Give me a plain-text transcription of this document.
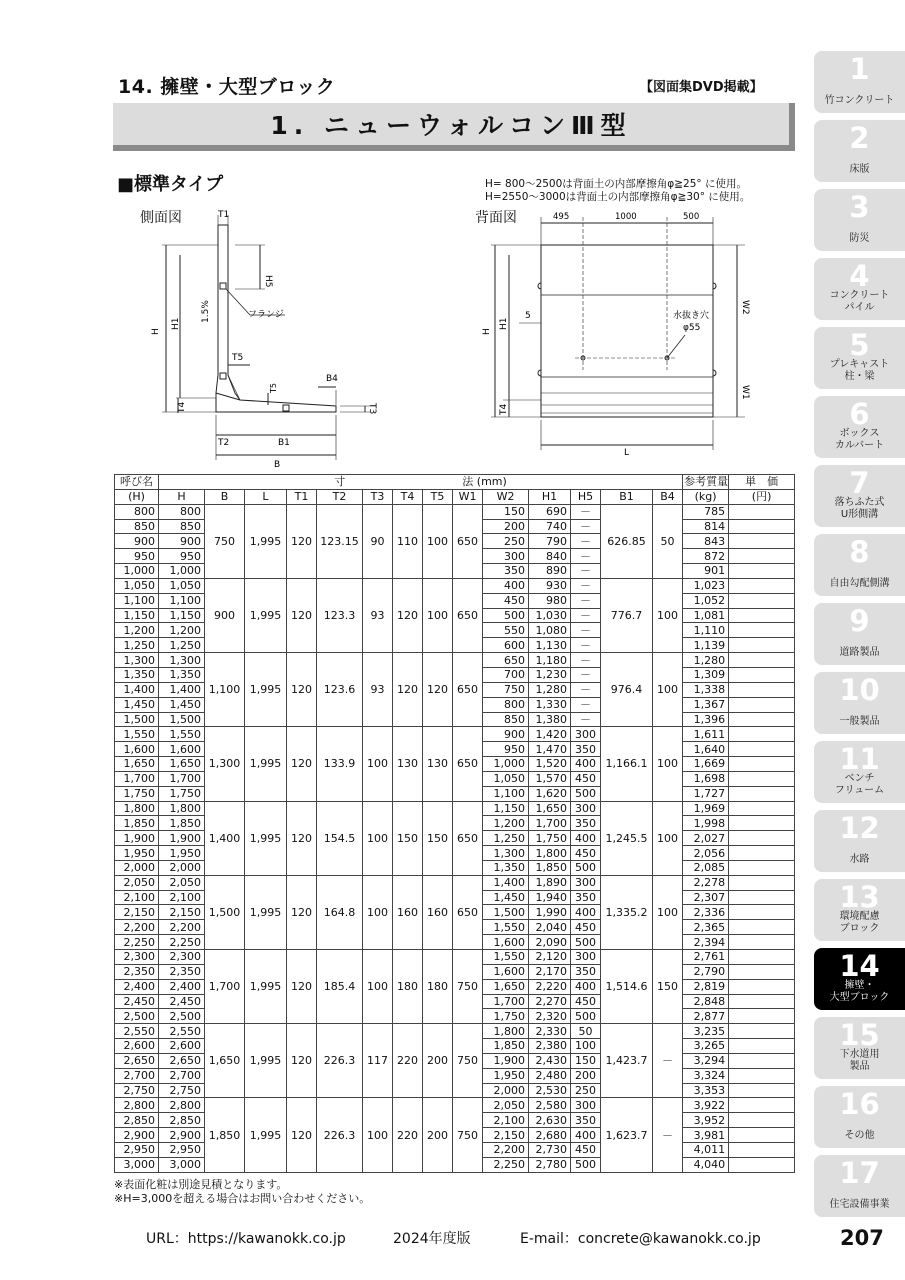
14. 擁壁・大型ブロック	【図面集DVD掲載】
1. ニューウォルコンⅢ型
■標準タイプ	H= 800～2500は背面土の内部摩擦角φ≧25° に使用。
H=2550～3000は背面土の内部摩擦角φ≧30° に使用。
側面図	背面図
T1
H5
H
H1
1.5%	フランジ
T5
B4
T5
T4	T3
T2	B1
B
495	1000	500
W2
W1
H
H1
T4
5	水抜き穴
φ55
L
呼び名	寸 法 (mm)														参考質量	単　価
(H)	H	B	L	T1	T2	T3	T4	T5	W1	W2	H1	H5	B1	B4	(kg)	(円)
800	800	750	1,995	120	123.15	90	110	100	650	150	690	－	626.85	50	785	
850	850									200	740	－			814	
900	900									250	790	－			843	
950	950									300	840	－			872	
1,000	1,000									350	890	－			901	
1,050	1,050	900	1,995	120	123.3	93	120	100	650	400	930	－	776.7	100	1,023	
1,100	1,100									450	980	－			1,052	
1,150	1,150									500	1,030	－			1,081	
1,200	1,200									550	1,080	－			1,110	
1,250	1,250									600	1,130	－			1,139	
1,300	1,300	1,100	1,995	120	123.6	93	120	120	650	650	1,180	－	976.4	100	1,280	
1,350	1,350									700	1,230	－			1,309	
1,400	1,400									750	1,280	－			1,338	
1,450	1,450									800	1,330	－			1,367	
1,500	1,500									850	1,380	－			1,396	
1,550	1,550	1,300	1,995	120	133.9	100	130	130	650	900	1,420	300	1,166.1	100	1,611	
1,600	1,600									950	1,470	350			1,640	
1,650	1,650									1,000	1,520	400			1,669	
1,700	1,700									1,050	1,570	450			1,698	
1,750	1,750									1,100	1,620	500			1,727	
1,800	1,800	1,400	1,995	120	154.5	100	150	150	650	1,150	1,650	300	1,245.5	100	1,969	
1,850	1,850									1,200	1,700	350			1,998	
1,900	1,900									1,250	1,750	400			2,027	
1,950	1,950									1,300	1,800	450			2,056	
2,000	2,000									1,350	1,850	500			2,085	
2,050	2,050	1,500	1,995	120	164.8	100	160	160	650	1,400	1,890	300	1,335.2	100	2,278	
2,100	2,100									1,450	1,940	350			2,307	
2,150	2,150									1,500	1,990	400			2,336	
2,200	2,200									1,550	2,040	450			2,365	
2,250	2,250									1,600	2,090	500			2,394	
2,300	2,300	1,700	1,995	120	185.4	100	180	180	750	1,550	2,120	300	1,514.6	150	2,761	
2,350	2,350									1,600	2,170	350			2,790	
2,400	2,400									1,650	2,220	400			2,819	
2,450	2,450									1,700	2,270	450			2,848	
2,500	2,500									1,750	2,320	500			2,877	
2,550	2,550	1,650	1,995	120	226.3	117	220	200	750	1,800	2,330	50	1,423.7	－	3,235	
2,600	2,600									1,850	2,380	100			3,265	
2,650	2,650									1,900	2,430	150			3,294	
2,700	2,700									1,950	2,480	200			3,324	
2,750	2,750									2,000	2,530	250			3,353	
2,800	2,800	1,850	1,995	120	226.3	100	220	200	750	2,050	2,580	300	1,623.7	－	3,922	
2,850	2,850									2,100	2,630	350			3,952	
2,900	2,900									2,150	2,680	400			3,981	
2,950	2,950									2,200	2,730	450			4,011	
3,000	3,000									2,250	2,780	500			4,040	
※表面化粧は別途見積となります。
※H=3,000を超える場合はお問い合わせください。
URL：https://kawanokk.co.jp	2024年度版	E-mail：concrete@kawanokk.co.jp	207
1
竹コンクリート
2
床版
3
防災
4
コンクリート
パイル
5
プレキャスト
柱・梁
6
ボックス
カルバート
7
落ちふた式
U形側溝
8
自由勾配側溝
9
道路製品
10
一般製品
11
ベンチ
フリューム
12
水路
13
環境配慮
ブロック
14
擁壁・
大型ブロック
15
下水道用
製品
16
その他
17
住宅設備事業
